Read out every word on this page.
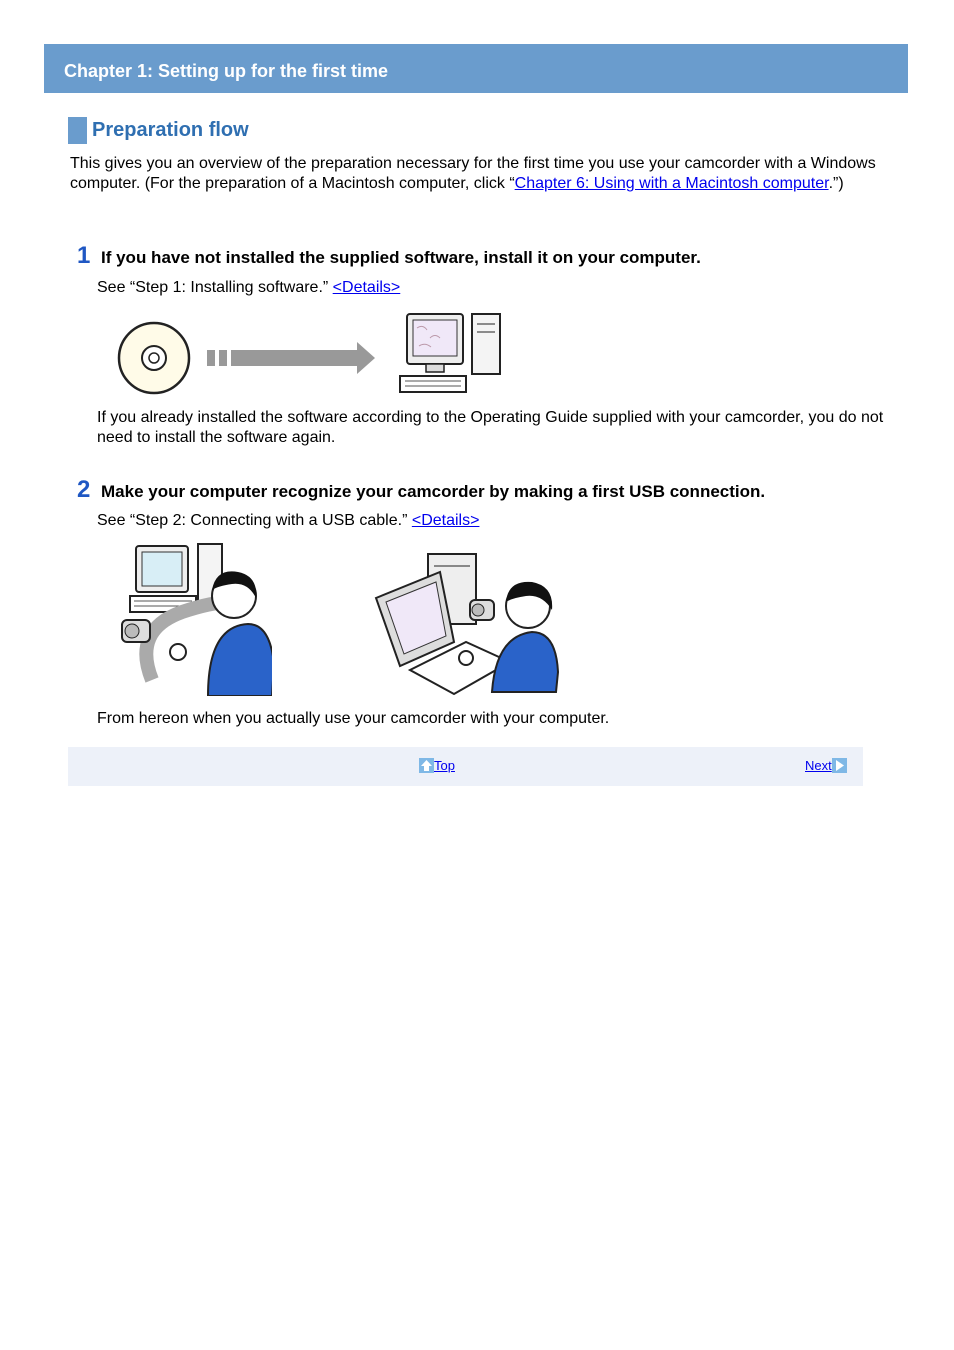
Chapter 1: Setting up for the first time
Preparation flow
This gives you an overview of the preparation necessary for the first time you use your camcorder with a Windows computer. (For the preparation of a Macintosh computer, click “Chapter 6: Using with a Macintosh computer.”)
1 If you have not installed the supplied software, install it on your computer.
See “Step 1: Installing software.” <Details>
If you already installed the software according to the Operating Guide supplied with your camcorder, you do not need to install the software again.
2 Make your computer recognize your camcorder by making a first USB connection.
See “Step 2: Connecting with a USB cable.” <Details>
From hereon when you actually use your camcorder with your computer.
Top	Next
